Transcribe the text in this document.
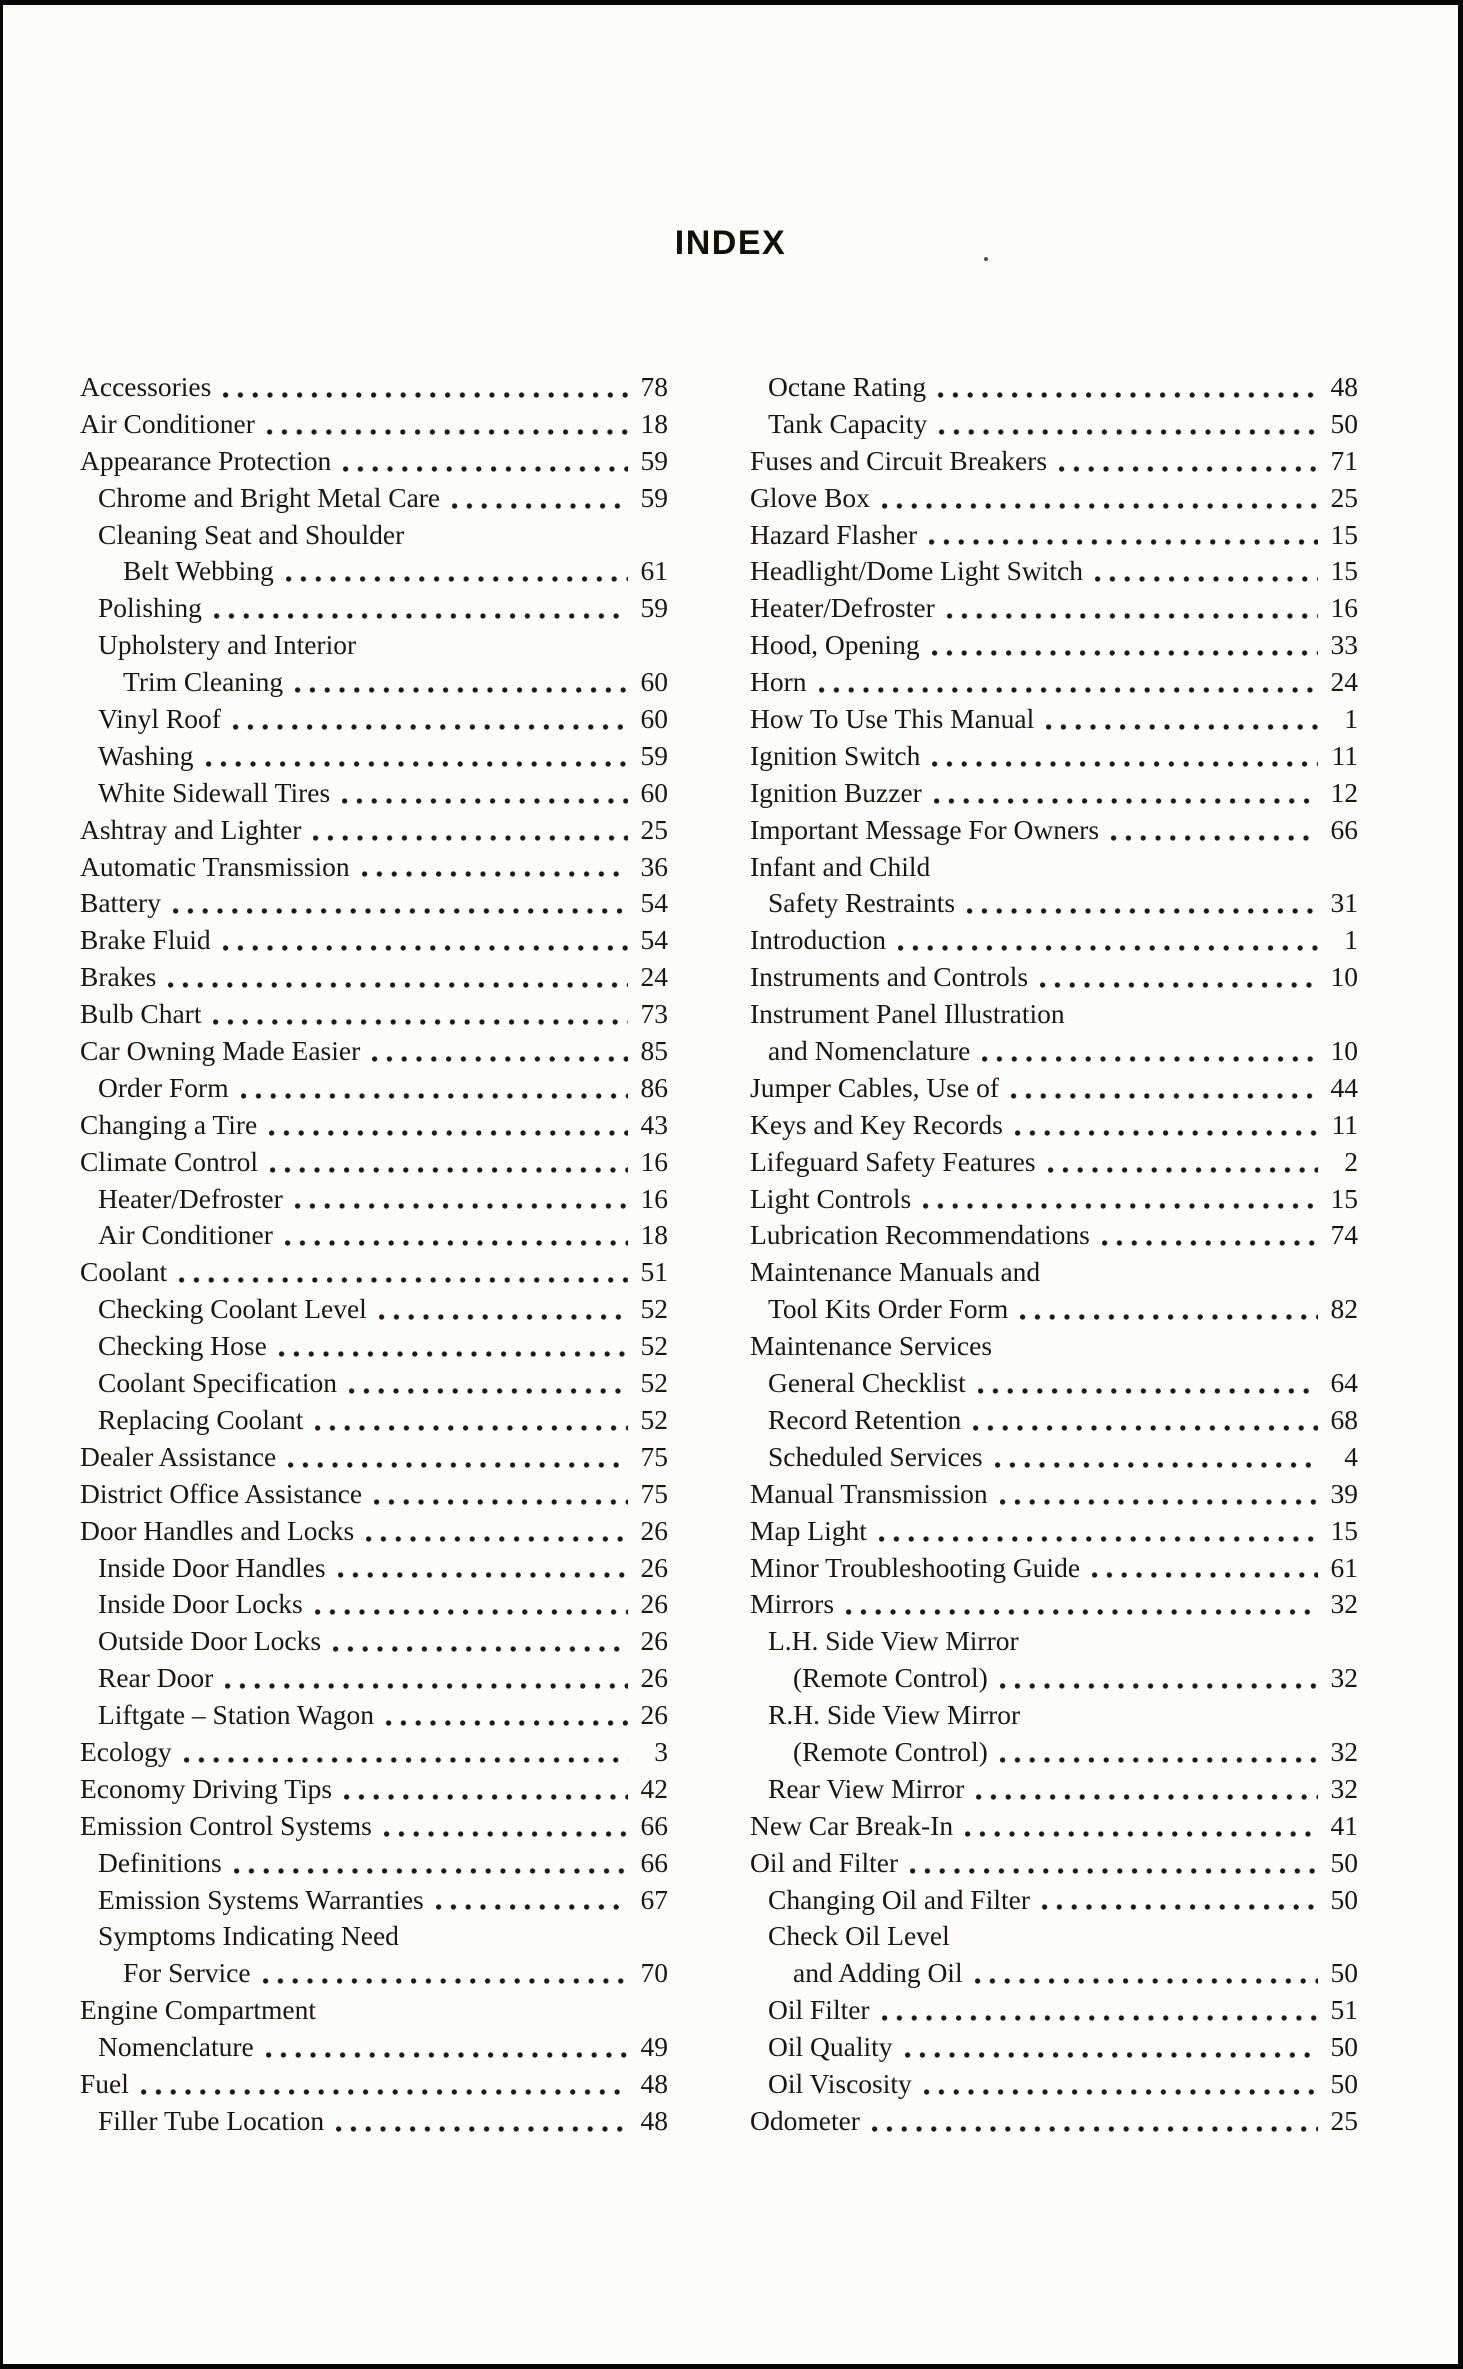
INDEX
Accessories	78
Air Conditioner	18
Appearance Protection	59
Chrome and Bright Metal Care	59
Cleaning Seat and Shoulder
Belt Webbing	61
Polishing	59
Upholstery and Interior
Trim Cleaning	60
Vinyl Roof	60
Washing	59
White Sidewall Tires	60
Ashtray and Lighter	25
Automatic Transmission	36
Battery	54
Brake Fluid	54
Brakes	24
Bulb Chart	73
Car Owning Made Easier	85
Order Form	86
Changing a Tire	43
Climate Control	16
Heater/Defroster	16
Air Conditioner	18
Coolant	51
Checking Coolant Level	52
Checking Hose	52
Coolant Specification	52
Replacing Coolant	52
Dealer Assistance	75
District Office Assistance	75
Door Handles and Locks	26
Inside Door Handles	26
Inside Door Locks	26
Outside Door Locks	26
Rear Door	26
Liftgate – Station Wagon	26
Ecology	3
Economy Driving Tips	42
Emission Control Systems	66
Definitions	66
Emission Systems Warranties	67
Symptoms Indicating Need
For Service	70
Engine Compartment
Nomenclature	49
Fuel	48
Filler Tube Location	48
Octane Rating	48
Tank Capacity	50
Fuses and Circuit Breakers	71
Glove Box	25
Hazard Flasher	15
Headlight/Dome Light Switch	15
Heater/Defroster	16
Hood, Opening	33
Horn	24
How To Use This Manual	1
Ignition Switch	11
Ignition Buzzer	12
Important Message For Owners	66
Infant and Child
Safety Restraints	31
Introduction	1
Instruments and Controls	10
Instrument Panel Illustration
and Nomenclature	10
Jumper Cables, Use of	44
Keys and Key Records	11
Lifeguard Safety Features	2
Light Controls	15
Lubrication Recommendations	74
Maintenance Manuals and
Tool Kits Order Form	82
Maintenance Services
General Checklist	64
Record Retention	68
Scheduled Services	4
Manual Transmission	39
Map Light	15
Minor Troubleshooting Guide	61
Mirrors	32
L.H. Side View Mirror
(Remote Control)	32
R.H. Side View Mirror
(Remote Control)	32
Rear View Mirror	32
New Car Break-In	41
Oil and Filter	50
Changing Oil and Filter	50
Check Oil Level
and Adding Oil	50
Oil Filter	51
Oil Quality	50
Oil Viscosity	50
Odometer	25
